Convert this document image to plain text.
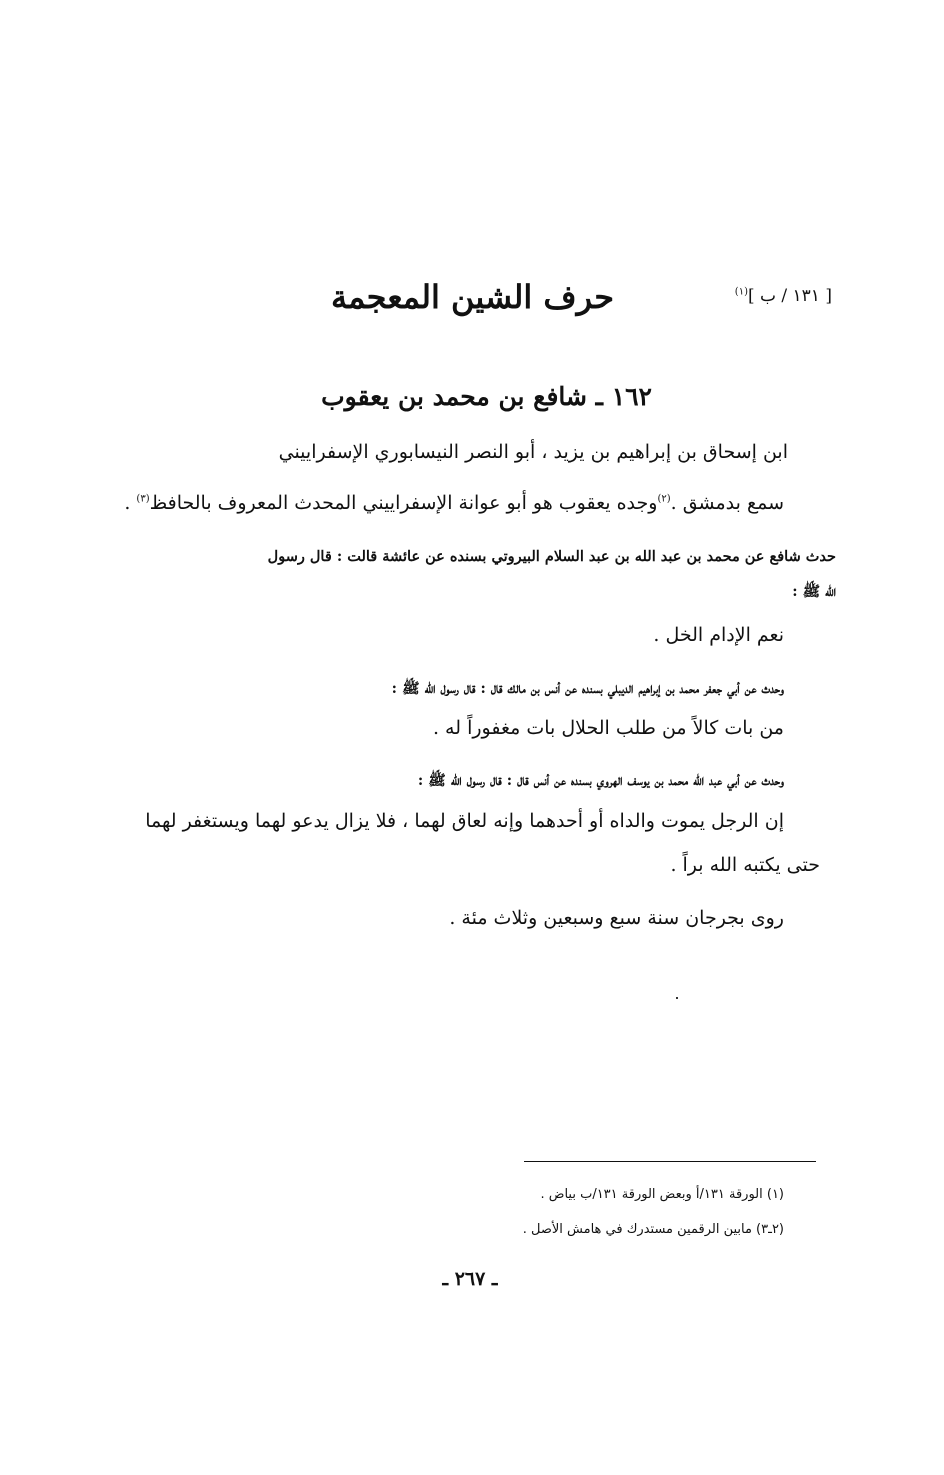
[ ١٣١ / ب ]$^{(١)}$
حرف الشين المعجمة
١٦٢ ـ شافع بن محمد بن يعقوب
ابن إسحاق بن إبراهيم بن يزيد ، أبو النصر النيسابوري الإسفراييني
سمع بدمشق .$^{(٢)}$وجده يعقوب هو أبو عوانة الإسفراييني المحدث المعروف بالحافظ$^{(٣)}$ .
حدث شافع عن محمد بن عبد الله بن عبد السلام البيروتي بسنده عن عائشة قالت : قال رسول
الله ﷺ :
نعم الإدام الخل .
وحدث عن أبي جعفر محمد بن إبراهيم الديبلي بسنده عن أنس بن مالك قال : قال رسول الله ﷺ :
من بات كالاً من طلب الحلال بات مغفوراً له .
وحدث عن أبي عبد الله محمد بن يوسف الهروي بسنده عن أنس قال : قال رسول الله ﷺ :
إن الرجل يموت والداه أو أحدهما وإنه لعاق لهما ، فلا يزال يدعو لهما ويستغفر لهما
حتى يكتبه الله براً .
روى بجرجان سنة سبع وسبعين وثلاث مئة .
(١) الورقة ١٣١/أ وبعض الورقة ١٣١/ب بياض .
(٢ـ٣) مابين الرقمين مستدرك في هامش الأصل .
ـ ٢٦٧ ـ
